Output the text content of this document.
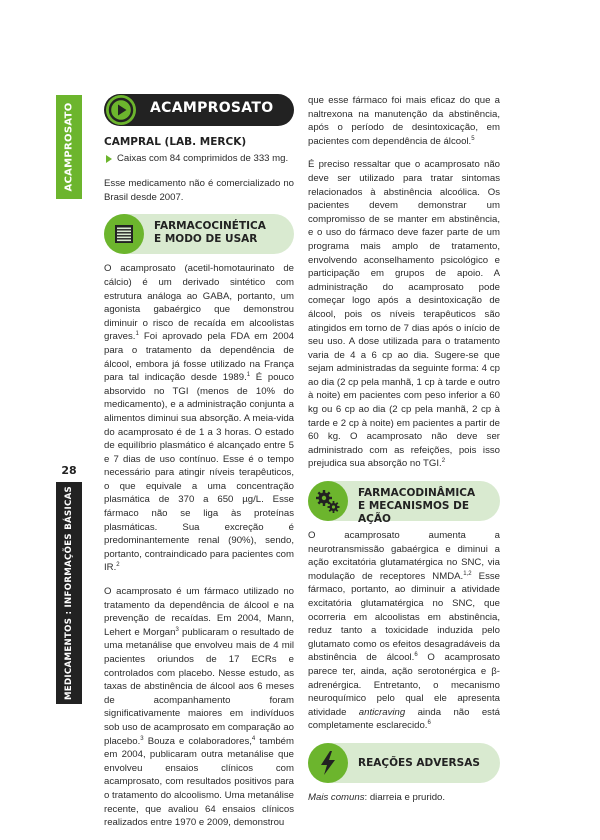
ACAMPROSATO
28
MEDICAMENTOS : INFORMAÇÕES BÁSICAS
ACAMPROSATO
CAMPRAL (LAB. MERCK)
Caixas com 84 comprimidos de 333 mg.

Esse medicamento não é comercializado no Brasil desde 2007.

FARMACOCINÉTICA
E MODO DE USAR

O acamprosato (acetil-homotaurinato de cálcio) é um derivado sintético com estrutura análoga ao GABA, portanto, um agonista gabaérgico que demonstrou diminuir o risco de recaída em alcoolistas graves.$^1$ Foi aprovado pela FDA em 2004 para o tratamento da dependência de álcool, embora já fosse utilizado na França para tal indicação desde 1989.$^1$ É pouco absorvido no TGI (menos de 10% do medicamento), e a administração conjunta a alimentos diminui sua absorção. A meia-vida do acamprosato é de 1 a 3 horas. O estado de equilíbrio plasmático é alcançado entre 5 e 7 dias de uso contínuo. Esse é o tempo necessário para atingir níveis terapêuticos, o que equivale a uma concentração plasmática de 370 a 650 µg/L. Esse fármaco não se liga às proteínas plasmáticas. Sua excreção é predominantemente renal (90%), sendo, portanto, contraindicado para pacientes com IR.$^2$

O acamprosato é um fármaco utilizado no tratamento da dependência de álcool e na prevenção de recaídas. Em 2004, Mann, Lehert e Morgan$^3$ publicaram o resultado de uma metanálise que envolveu mais de 4 mil pacientes oriundos de 17 ECRs e controlados com placebo. Nesse estudo, as taxas de abstinência de álcool aos 6 meses de acompanhamento foram significativamente maiores em indivíduos sob uso de acamprosato em comparação ao placebo.$^3$ Bouza e colaboradores,$^4$ também em 2004, publicaram outra metanálise que envolveu ensaios clínicos com acamprosato, com resultados positivos para o tratamento do alcoolismo. Uma metanálise recente, que avaliou 64 ensaios clínicos realizados entre 1970 e 2009, demonstrou

que esse fármaco foi mais eficaz do que a naltrexona na manutenção da abstinência, após o período de desintoxicação, em pacientes com dependência de álcool.$^5$

É preciso ressaltar que o acamprosato não deve ser utilizado para tratar sintomas relacionados à abstinência alcoólica. Os pacientes devem demonstrar um compromisso de se manter em abstinência, e o uso do fármaco deve fazer parte de um programa mais amplo de tratamento, envolvendo aconselhamento psicológico e participação em grupos de apoio. A administração do acamprosato pode começar logo após a desintoxicação de álcool, pois os níveis terapêuticos são atingidos em torno de 7 dias após o início de seu uso. A dose utilizada para o tratamento varia de 4 a 6 cp ao dia. Sugere-se que sejam administradas da seguinte forma: 4 cp ao dia (2 cp pela manhã, 1 cp à tarde e outro à noite) em pacientes com peso inferior a 60 kg ou 6 cp ao dia (2 cp pela manhã, 2 cp à tarde e 2 cp à noite) em pacientes a partir de 60 kg. O acamprosato não deve ser administrado com as refeições, pois isso prejudica sua absorção no TGI.$^2$

FARMACODINÂMICA
E MECANISMOS DE AÇÃO

O acamprosato aumenta a neurotransmissão gabaérgica e diminui a ação excitatória glutamatérgica no SNC, via modulação de receptores NMDA.$^{1,2}$ Esse fármaco, portanto, ao diminuir a atividade excitatória glutamatérgica no SNC, que ocorreria em alcoolistas em abstinência, reduz tanto a toxicidade induzida pelo glutamato como os efeitos desagradáveis da abstinência de álcool.$^6$ O acamprosato parece ter, ainda, ação serotonérgica e β-adrenérgica. Entretanto, o mecanismo neuroquímico pelo qual ele apresenta atividade anticraving ainda não está completamente esclarecido.$^6$

REAÇÕES ADVERSAS

Mais comuns: diarreia e prurido.
